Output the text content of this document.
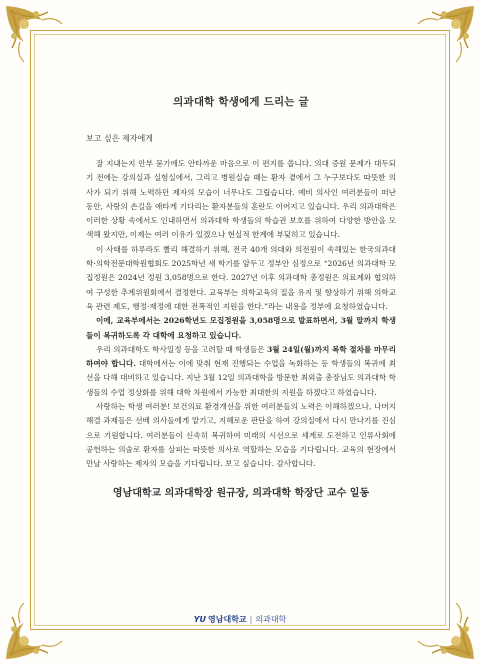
의과대학 학생에게 드리는 글

보고 싶은 제자에게

잘 지내는지 안부 묻기에도 안타까운 마음으로 이 편지를 씁니다. 의대 증원 문제가 대두되기 전에는 강의실과 실험실에서, 그리고 병원실습 때는 환자 곁에서 그 누구보다도 따뜻한 의사가 되기 위해 노력하던 제자의 모습이 너무나도 그립습니다. 예비 의사인 여러분들이 떠난 동안, 사랑의 손길을 애타게 기다리는 환자분들의 혼란도 이어지고 있습니다. 우리 의과대학은 이러한 상황 속에서도 인내하면서 의과대학 학생들의 학습권 보호를 위하여 다양한 방안을 모색해 왔지만, 이제는 여러 이유가 있겠으나 현실적 한계에 부딪히고 있습니다.

이 사태를 하루라도 빨리 해결하기 위해, 전국 40개 의대와 의전원이 속해있는 한국의과대학·의학전문대학원협회도 2025학년 새 학기를 앞두고 정부안 심정으로 “2026년 의과대학 모집정원은 2024년 정원 3,058명으로 한다. 2027년 이후 의과대학 총정원은 의료계와 협의하여 구성한 추계위원회에서 결정한다. 교육부는 의학교육의 질을 유지 및 향상하기 위해 의학교육 관련 제도, 행정·재정에 대한 전폭적인 지원을 한다.”라는 내용을 정부에 요청하였습니다.

이에, 교육부에서는 2026학년도 모집정원을 3,058명으로 발표하면서, 3월 말까지 학생들이 복귀하도록 각 대학에 요청하고 있습니다.

우리 의과대학도 학사일정 등을 고려할 때 학생들은 3월 24일(월)까지 복학 절차를 마무리하여야 합니다. 대학에서는 이에 맞춰 현재 진행되는 수업을 녹화하는 등 학생들의 복귀에 최선을 다해 대비하고 있습니다. 지난 3월 12일 의과대학을 방문한 최외출 총장님도 의과대학 학생들의 수업 정상화를 위해 대학 차원에서 가능한 최대한의 지원을 하겠다고 하였습니다.

사랑하는 학생 여러분! 보건의료 환경개선을 위한 여러분들의 노력은 이해하겠으나, 나머지 해결 과제들은 선배 의사들에게 맡기고, 지혜로운 판단을 하여 강의실에서 다시 만나기를 진심으로 기원합니다. 여러분들이 신속히 복귀하여 미래의 시선으로 세계로 도전하고 인류사회에 공헌하는 의술로 환자를 살피는 따뜻한 의사로 역할하는 모습을 기다립니다. 교육의 현장에서 만날 사랑하는 제자의 모습을 기다립니다. 보고 싶습니다. 감사합니다.

영남대학교 의과대학장 원규장, 의과대학 학장단 교수 일동
YU 영남대학교 | 의과대학
